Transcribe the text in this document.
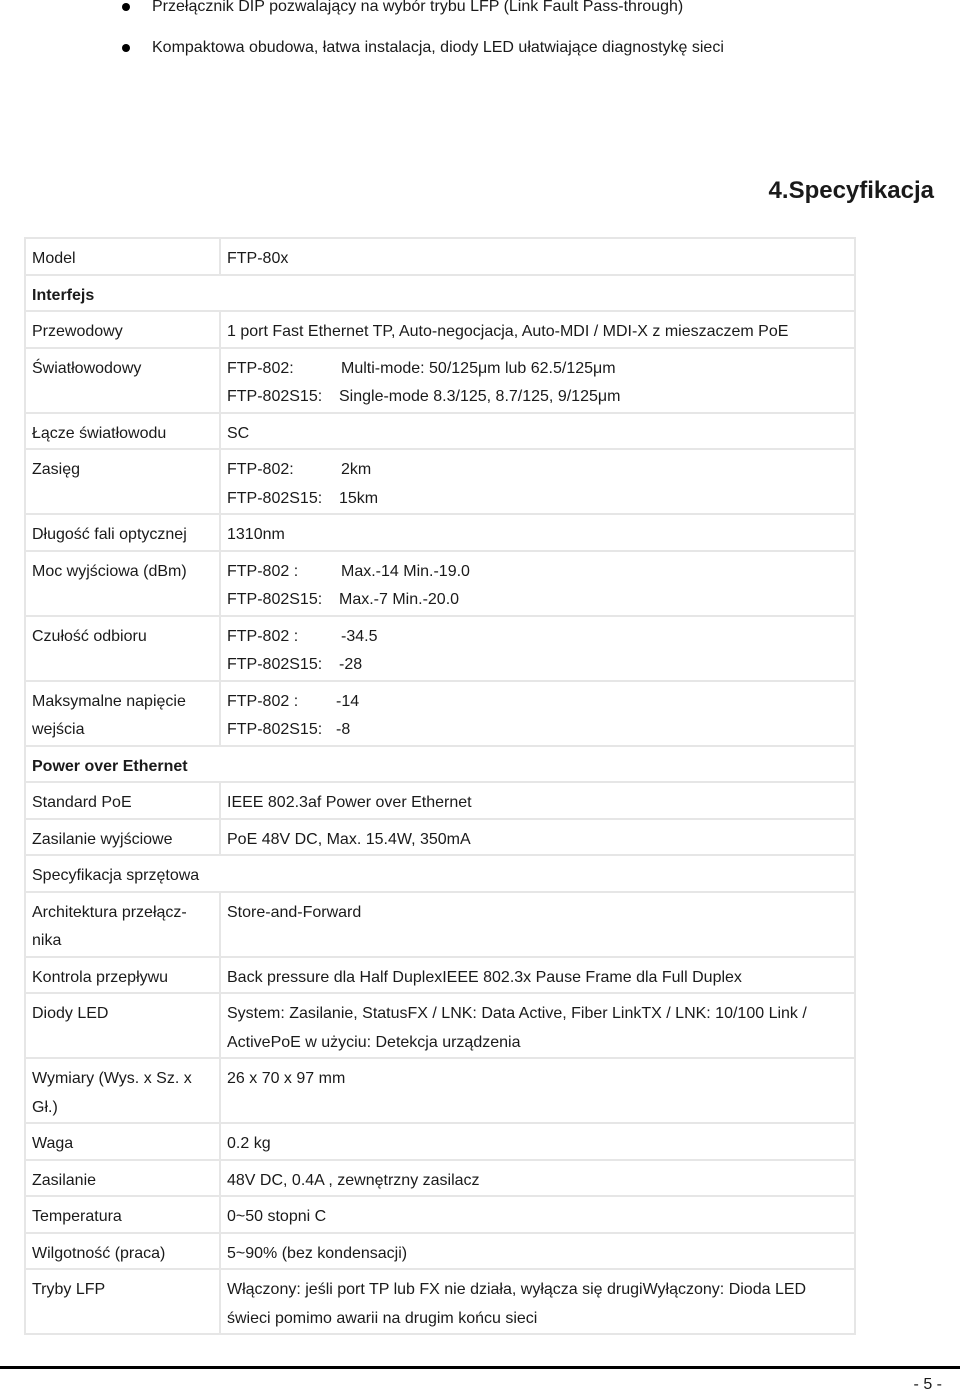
Przełącznik DIP pozwalający na wybór trybu LFP (Link Fault Pass-through)
Kompaktowa obudowa, łatwa instalacja, diody LED ułatwiające diagnostykę sieci
4.Specyfikacja
Model	FTP-80x

Interfejs	

Przewodowy	1 port Fast Ethernet TP, Auto-negocjacja, Auto-MDI / MDI-X z mieszaczem PoE

Światłowodowy	FTP-802: Multi-mode: 50/125μm lub 62.5/125μm
FTP-802S15: Single-mode 8.3/125, 8.7/125, 9/125μm

Łącze światłowodu	SC

Zasięg	FTP-802: 2km
FTP-802S15: 15km

Długość fali optycznej	1310nm

Moc wyjściowa (dBm)	FTP-802 : Max.-14 Min.-19.0
FTP-802S15: Max.-7 Min.-20.0

Czułość odbioru	FTP-802 : -34.5
FTP-802S15: -28

Maksymalne napięcie
wejścia	FTP-802 : -14
FTP-802S15: -8

Power over Ethernet	

Standard PoE	IEEE 802.3af Power over Ethernet

Zasilanie wyjściowe	PoE 48V DC, Max. 15.4W, 350mA

Specyfikacja sprzętowa	

Architektura przełącz-
nika	Store-and-Forward

Kontrola przepływu	Back pressure dla Half DuplexIEEE 802.3x Pause Frame dla Full Duplex

Diody LED	System: Zasilanie, StatusFX / LNK: Data Active, Fiber LinkTX / LNK: 10/100 Link /
ActivePoE w użyciu: Detekcja urządzenia

Wymiary (Wys. x Sz. x
Gł.)	26 x 70 x 97 mm

Waga	0.2 kg

Zasilanie	48V DC, 0.4A , zewnętrzny zasilacz

Temperatura	0~50 stopni C

Wilgotność (praca)	5~90% (bez kondensacji)

Tryby LFP	Włączony: jeśli port TP lub FX nie działa, wyłącza się drugiWyłączony: Dioda LED
świeci pomimo awarii na drugim końcu sieci
- 5 -
